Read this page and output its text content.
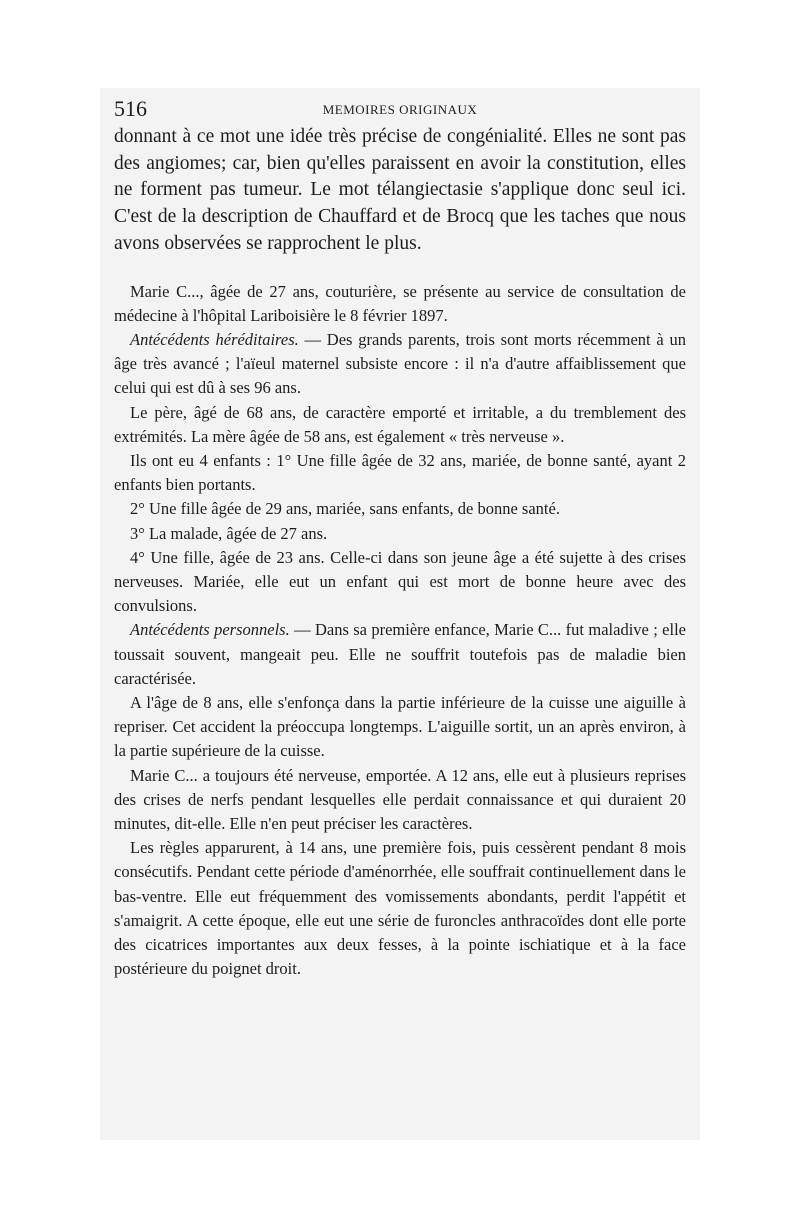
516	MEMOIRES ORIGINAUX

donnant à ce mot une idée très précise de congénialité. Elles ne sont pas des angiomes; car, bien qu'elles paraissent en avoir la constitution, elles ne forment pas tumeur. Le mot télangiectasie s'applique donc seul ici. C'est de la description de Chauffard et de Brocq que les taches que nous avons observées se rapprochent le plus.

Marie C..., âgée de 27 ans, couturière, se présente au service de consultation de médecine à l'hôpital Lariboisière le 8 février 1897.

Antécédents héréditaires. — Des grands parents, trois sont morts récemment à un âge très avancé ; l'aïeul maternel subsiste encore : il n'a d'autre affaiblissement que celui qui est dû à ses 96 ans.

Le père, âgé de 68 ans, de caractère emporté et irritable, a du tremblement des extrémités. La mère âgée de 58 ans, est également « très nerveuse ».

Ils ont eu 4 enfants : 1° Une fille âgée de 32 ans, mariée, de bonne santé, ayant 2 enfants bien portants.

2° Une fille âgée de 29 ans, mariée, sans enfants, de bonne santé.

3° La malade, âgée de 27 ans.

4° Une fille, âgée de 23 ans. Celle-ci dans son jeune âge a été sujette à des crises nerveuses. Mariée, elle eut un enfant qui est mort de bonne heure avec des convulsions.

Antécédents personnels. — Dans sa première enfance, Marie C... fut maladive ; elle toussait souvent, mangeait peu. Elle ne souffrit toutefois pas de maladie bien caractérisée.

A l'âge de 8 ans, elle s'enfonça dans la partie inférieure de la cuisse une aiguille à repriser. Cet accident la préoccupa longtemps. L'aiguille sortit, un an après environ, à la partie supérieure de la cuisse.

Marie C... a toujours été nerveuse, emportée. A 12 ans, elle eut à plusieurs reprises des crises de nerfs pendant lesquelles elle perdait connaissance et qui duraient 20 minutes, dit-elle. Elle n'en peut préciser les caractères.

Les règles apparurent, à 14 ans, une première fois, puis cessèrent pendant 8 mois consécutifs. Pendant cette période d'aménorrhée, elle souffrait continuellement dans le bas-ventre. Elle eut fréquemment des vomissements abondants, perdit l'appétit et s'amaigrit. A cette époque, elle eut une série de furoncles anthracoïdes dont elle porte des cicatrices importantes aux deux fesses, à la pointe ischiatique et à la face postérieure du poignet droit.
